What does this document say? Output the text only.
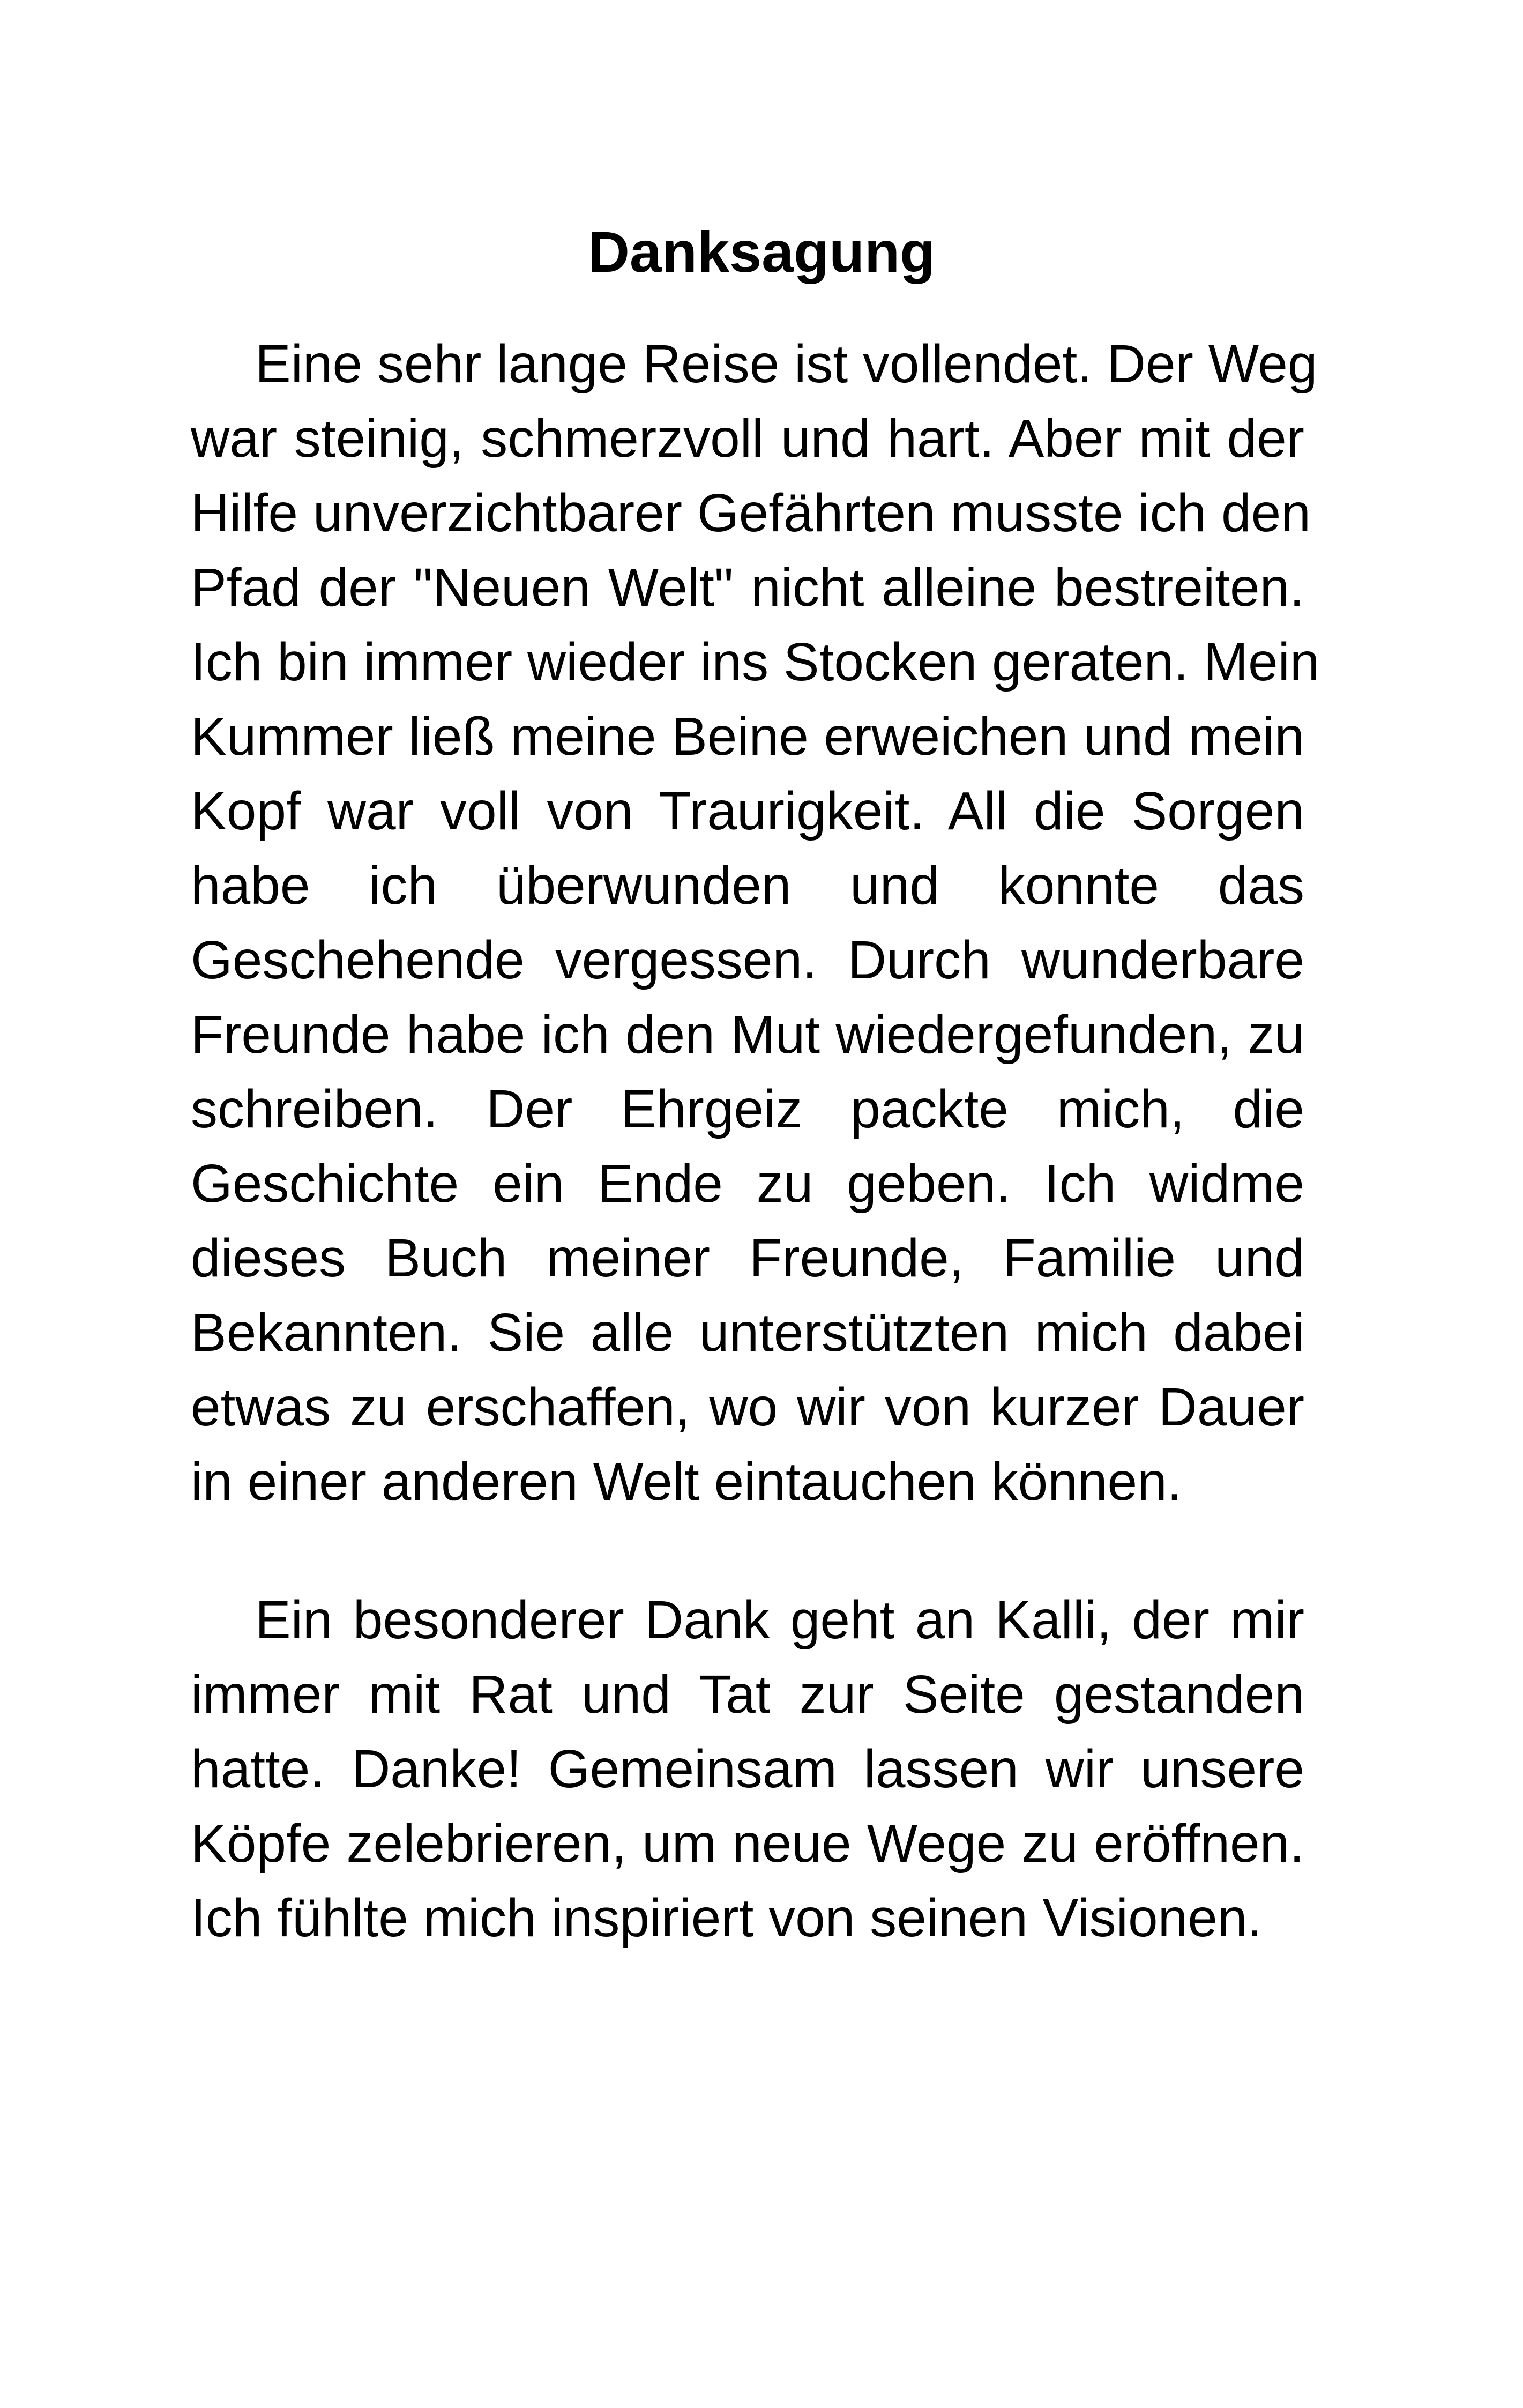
Danksagung

Eine sehr lange Reise ist vollendet. Der Weg
war steinig, schmerzvoll und hart. Aber mit der
Hilfe unverzichtbarer Gefährten musste ich den
Pfad der "Neuen Welt" nicht alleine bestreiten.
Ich bin immer wieder ins Stocken geraten. Mein
Kummer ließ meine Beine erweichen und mein
Kopf war voll von Traurigkeit. All die Sorgen
habe ich überwunden und konnte das
Geschehende vergessen. Durch wunderbare
Freunde habe ich den Mut wiedergefunden, zu
schreiben. Der Ehrgeiz packte mich, die
Geschichte ein Ende zu geben. Ich widme
dieses Buch meiner Freunde, Familie und
Bekannten. Sie alle unterstützten mich dabei
etwas zu erschaffen, wo wir von kurzer Dauer
in einer anderen Welt eintauchen können.

Ein besonderer Dank geht an Kalli, der mir
immer mit Rat und Tat zur Seite gestanden
hatte. Danke! Gemeinsam lassen wir unsere
Köpfe zelebrieren, um neue Wege zu eröffnen.
Ich fühlte mich inspiriert von seinen Visionen.
